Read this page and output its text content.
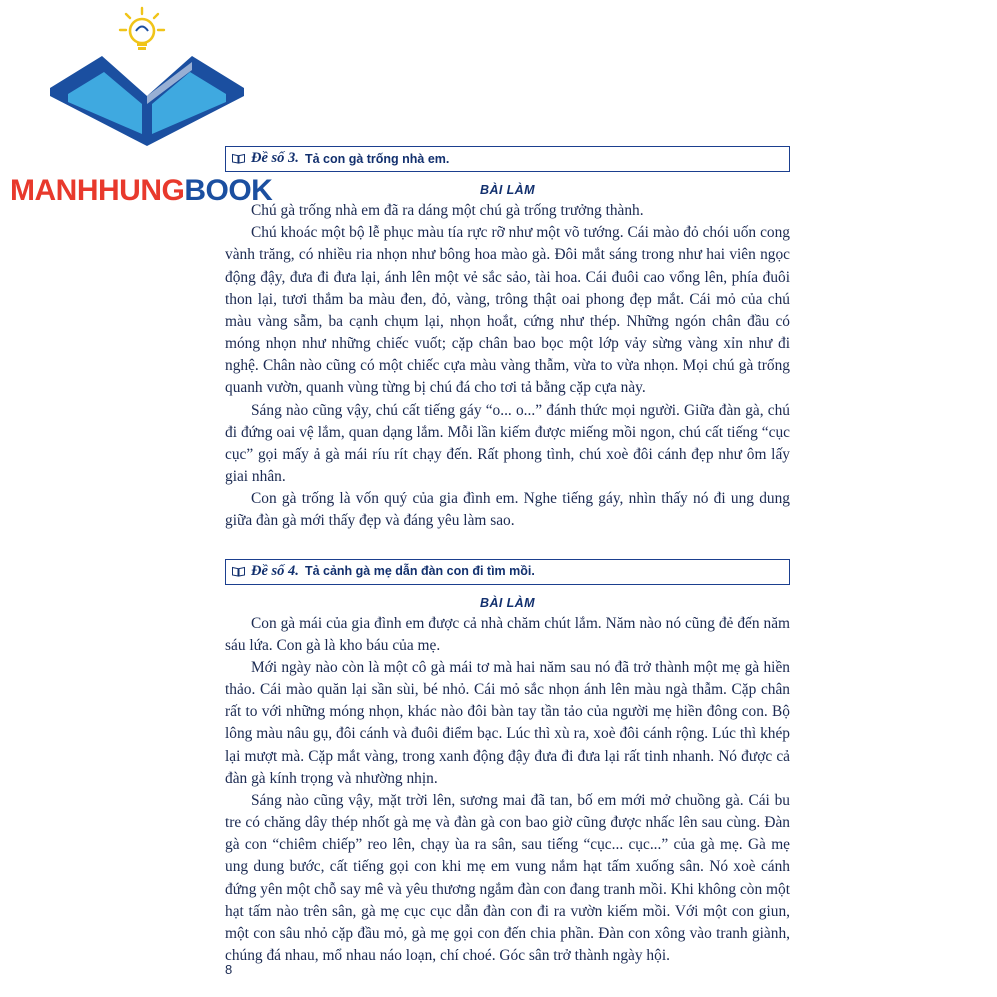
MANHHUNGBOOK
Đề số 3. Tả con gà trống nhà em.
BÀI LÀM

Chú gà trống nhà em đã ra dáng một chú gà trống trưởng thành.

Chú khoác một bộ lễ phục màu tía rực rỡ như một võ tướng. Cái mào đỏ chói uốn cong vành trăng, có nhiều ria nhọn như bông hoa mào gà. Đôi mắt sáng trong như hai viên ngọc động đậy, đưa đi đưa lại, ánh lên một vẻ sắc sảo, tài hoa. Cái đuôi cao vổng lên, phía đuôi thon lại, tươi thắm ba màu đen, đỏ, vàng, trông thật oai phong đẹp mắt. Cái mỏ của chú màu vàng sẫm, ba cạnh chụm lại, nhọn hoắt, cứng như thép. Những ngón chân đầu có móng nhọn như những chiếc vuốt; cặp chân bao bọc một lớp vảy sừng vàng xỉn như đi nghệ. Chân nào cũng có một chiếc cựa màu vàng thẫm, vừa to vừa nhọn. Mọi chú gà trống quanh vườn, quanh vùng từng bị chú đá cho tơi tả bằng cặp cựa này.

Sáng nào cũng vậy, chú cất tiếng gáy “o... o...” đánh thức mọi người. Giữa đàn gà, chú đi đứng oai vệ lắm, quan dạng lắm. Mỗi lần kiếm được miếng mồi ngon, chú cất tiếng “cục cục” gọi mấy ả gà mái ríu rít chạy đến. Rất phong tình, chú xoè đôi cánh đẹp như ôm lấy giai nhân.

Con gà trống là vốn quý của gia đình em. Nghe tiếng gáy, nhìn thấy nó đi ung dung giữa đàn gà mới thấy đẹp và đáng yêu làm sao.

Đề số 4. Tả cảnh gà mẹ dẫn đàn con đi tìm mồi.
BÀI LÀM

Con gà mái của gia đình em được cả nhà chăm chút lắm. Năm nào nó cũng đẻ đến năm sáu lứa. Con gà là kho báu của mẹ.

Mới ngày nào còn là một cô gà mái tơ mà hai năm sau nó đã trở thành một mẹ gà hiền thảo. Cái mào quăn lại sần sùi, bé nhỏ. Cái mỏ sắc nhọn ánh lên màu ngà thẫm. Cặp chân rất to với những móng nhọn, khác nào đôi bàn tay tần tảo của người mẹ hiền đông con. Bộ lông màu nâu gụ, đôi cánh và đuôi điểm bạc. Lúc thì xù ra, xoè đôi cánh rộng. Lúc thì khép lại mượt mà. Cặp mắt vàng, trong xanh động đậy đưa đi đưa lại rất tinh nhanh. Nó được cả đàn gà kính trọng và nhường nhịn.

Sáng nào cũng vậy, mặt trời lên, sương mai đã tan, bố em mới mở chuồng gà. Cái bu tre có chăng dây thép nhốt gà mẹ và đàn gà con bao giờ cũng được nhấc lên sau cùng. Đàn gà con “chiêm chiếp” reo lên, chạy ùa ra sân, sau tiếng “cục... cục...” của gà mẹ. Gà mẹ ung dung bước, cất tiếng gọi con khi mẹ em vung nắm hạt tấm xuống sân. Nó xoè cánh đứng yên một chỗ say mê và yêu thương ngắm đàn con đang tranh mồi. Khi không còn một hạt tấm nào trên sân, gà mẹ cục cục dẫn đàn con đi ra vườn kiếm mồi. Với một con giun, một con sâu nhỏ cặp đầu mỏ, gà mẹ gọi con đến chia phần. Đàn con xông vào tranh giành, chúng đá nhau, mổ nhau náo loạn, chí choé. Góc sân trở thành ngày hội.

8
